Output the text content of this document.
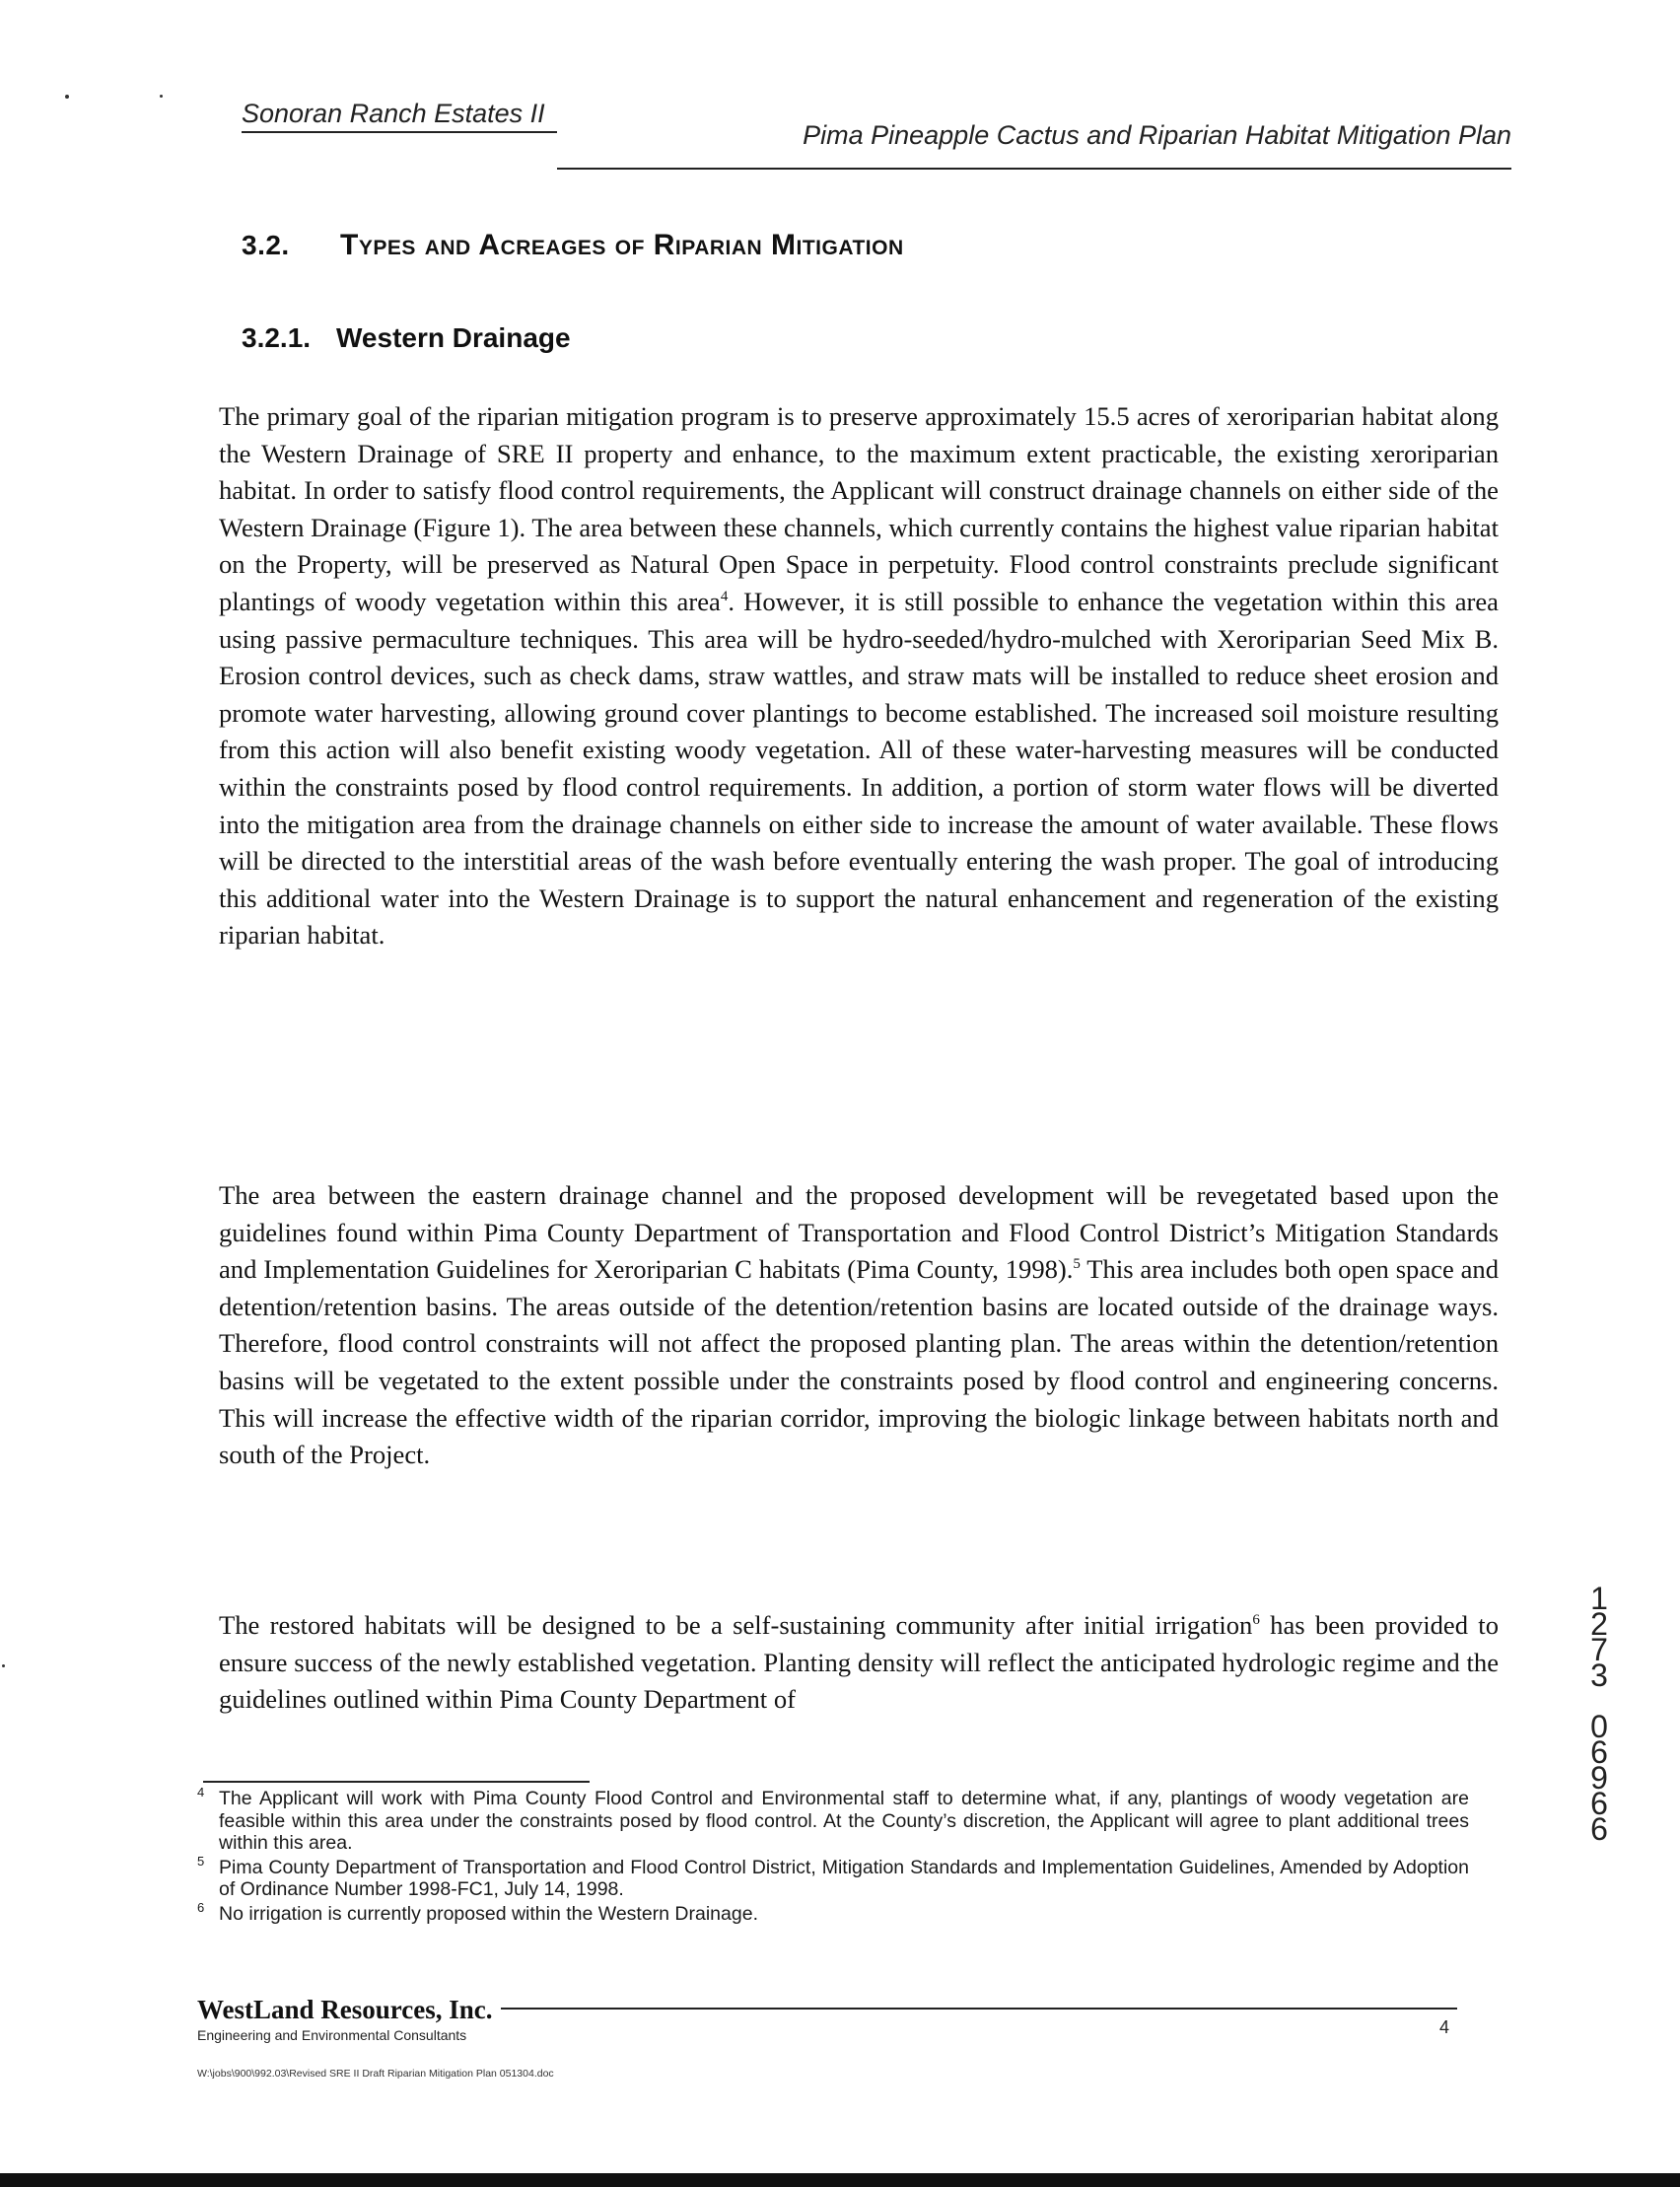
Sonoran Ranch Estates II
Pima Pineapple Cactus and Riparian Habitat Mitigation Plan
3.2. Types and Acreages of Riparian Mitigation
3.2.1. Western Drainage

The primary goal of the riparian mitigation program is to preserve approximately 15.5 acres of xeroriparian habitat along the Western Drainage of SRE II property and enhance, to the maximum extent practicable, the existing xeroriparian habitat. In order to satisfy flood control requirements, the Applicant will construct drainage channels on either side of the Western Drainage (Figure 1). The area between these channels, which currently contains the highest value riparian habitat on the Property, will be preserved as Natural Open Space in perpetuity. Flood control constraints preclude significant plantings of woody vegetation within this area$^4$. However, it is still possible to enhance the vegetation within this area using passive permaculture techniques. This area will be hydro-seeded/hydro-mulched with Xeroriparian Seed Mix B. Erosion control devices, such as check dams, straw wattles, and straw mats will be installed to reduce sheet erosion and promote water harvesting, allowing ground cover plantings to become established. The increased soil moisture resulting from this action will also benefit existing woody vegetation. All of these water-harvesting measures will be conducted within the constraints posed by flood control requirements. In addition, a portion of storm water flows will be diverted into the mitigation area from the drainage channels on either side to increase the amount of water available. These flows will be directed to the interstitial areas of the wash before eventually entering the wash proper. The goal of introducing this additional water into the Western Drainage is to support the natural enhancement and regeneration of the existing riparian habitat.

The area between the eastern drainage channel and the proposed development will be revegetated based upon the guidelines found within Pima County Department of Transportation and Flood Control District’s Mitigation Standards and Implementation Guidelines for Xeroriparian C habitats (Pima County, 1998).$^5$ This area includes both open space and detention/retention basins. The areas outside of the detention/retention basins are located outside of the drainage ways. Therefore, flood control constraints will not affect the proposed planting plan. The areas within the detention/retention basins will be vegetated to the extent possible under the constraints posed by flood control and engineering concerns. This will increase the effective width of the riparian corridor, improving the biologic linkage between habitats north and south of the Project.

The restored habitats will be designed to be a self-sustaining community after initial irrigation$^6$ has been provided to ensure success of the newly established vegetation. Planting density will reflect the anticipated hydrologic regime and the guidelines outlined within Pima County Department of

4 The Applicant will work with Pima County Flood Control and Environmental staff to determine what, if any, plantings of woody vegetation are feasible within this area under the constraints posed by flood control. At the County’s discretion, the Applicant will agree to plant additional trees within this area.

5 Pima County Department of Transportation and Flood Control District, Mitigation Standards and Implementation Guidelines, Amended by Adoption of Ordinance Number 1998-FC1, July 14, 1998.

6 No irrigation is currently proposed within the Western Drainage.

WestLand Resources, Inc.
Engineering and Environmental Consultants
W:\jobs\900\992.03\Revised SRE II Draft Riparian Mitigation Plan 051304.doc
4
1
2
7
3
0
6
9
6
6
